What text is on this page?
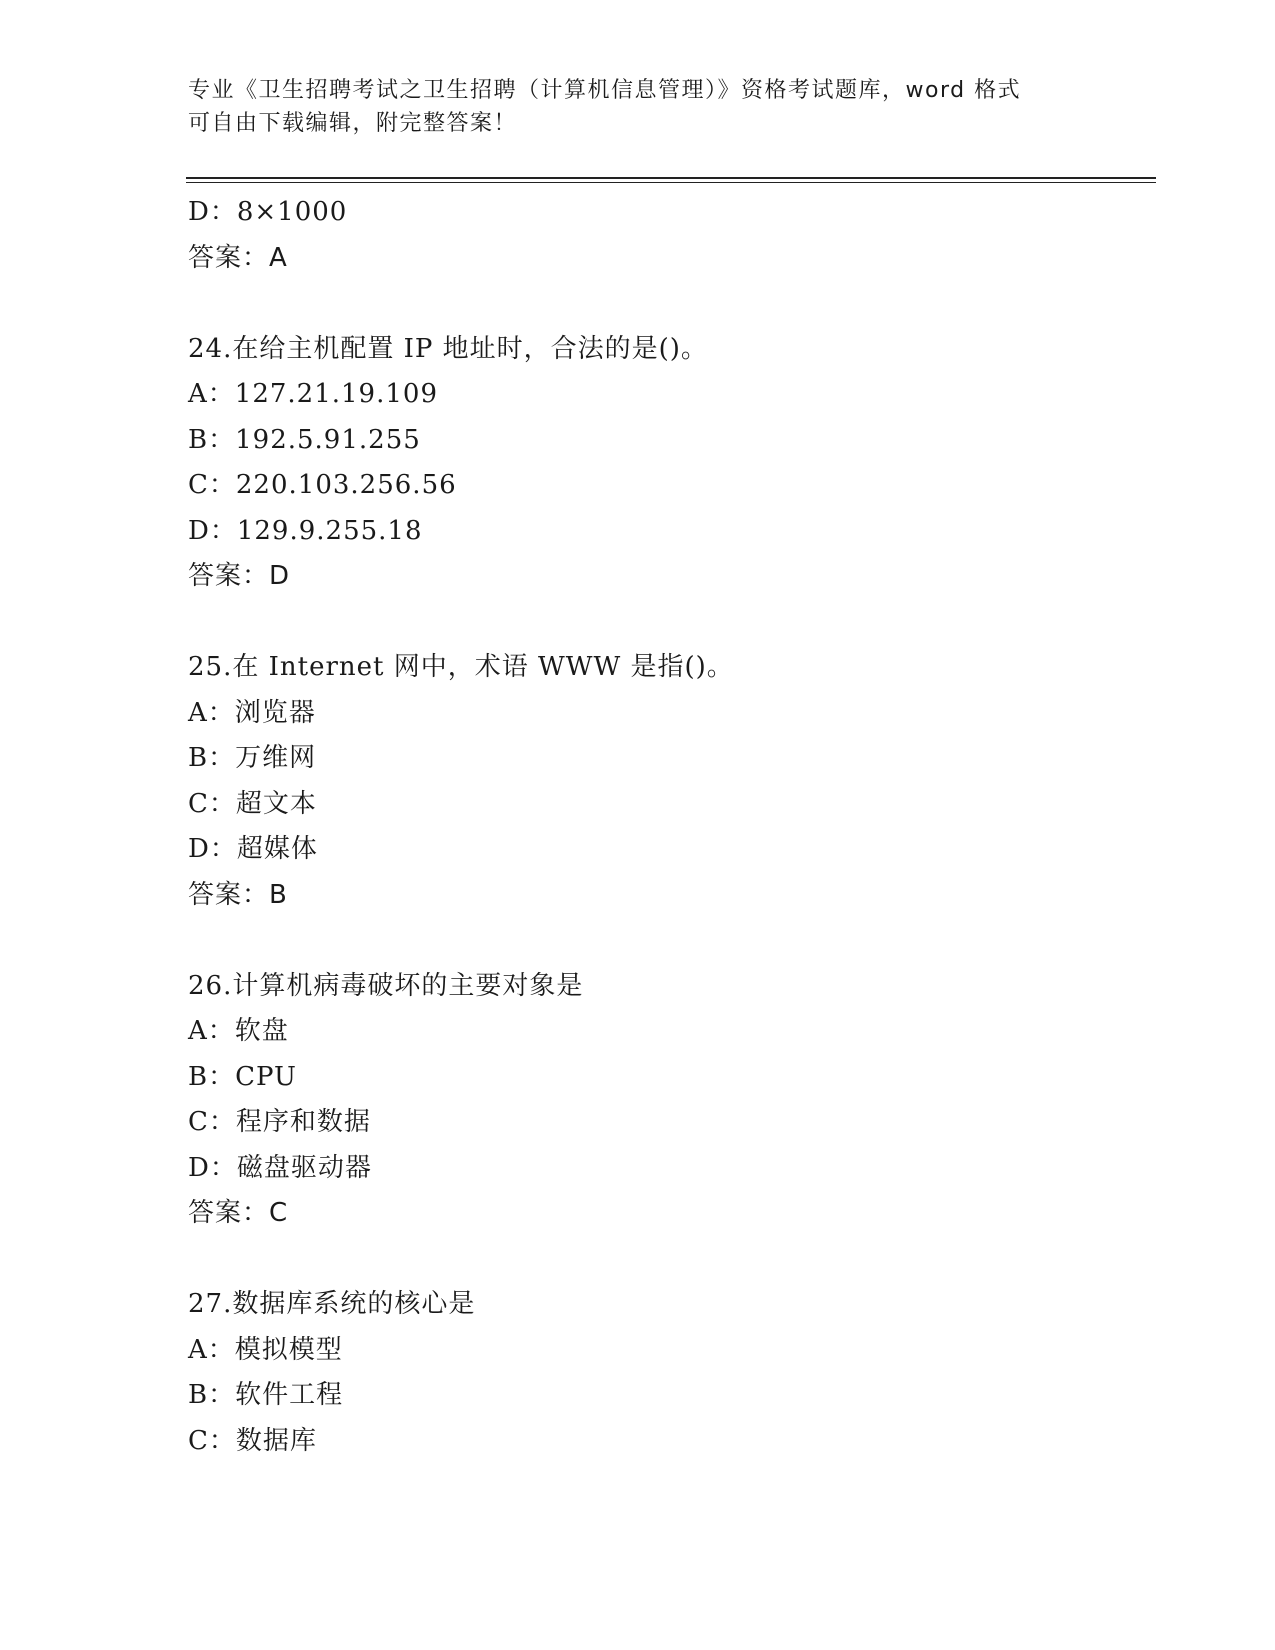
专业《卫生招聘考试之卫生招聘（计算机信息管理）》资格考试题库，word 格式
可自由下载编辑，附完整答案！
D：8×1000
答案：A
24.在给主机配置 IP 地址时，合法的是()。
A：127.21.19.109
B：192.5.91.255
C：220.103.256.56
D：129.9.255.18
答案：D
25.在 Internet 网中，术语 WWW 是指()。
A：浏览器
B：万维网
C：超文本
D：超媒体
答案：B
26.计算机病毒破坏的主要对象是
A：软盘
B：CPU
C：程序和数据
D：磁盘驱动器
答案：C
27.数据库系统的核心是
A：模拟模型
B：软件工程
C：数据库
